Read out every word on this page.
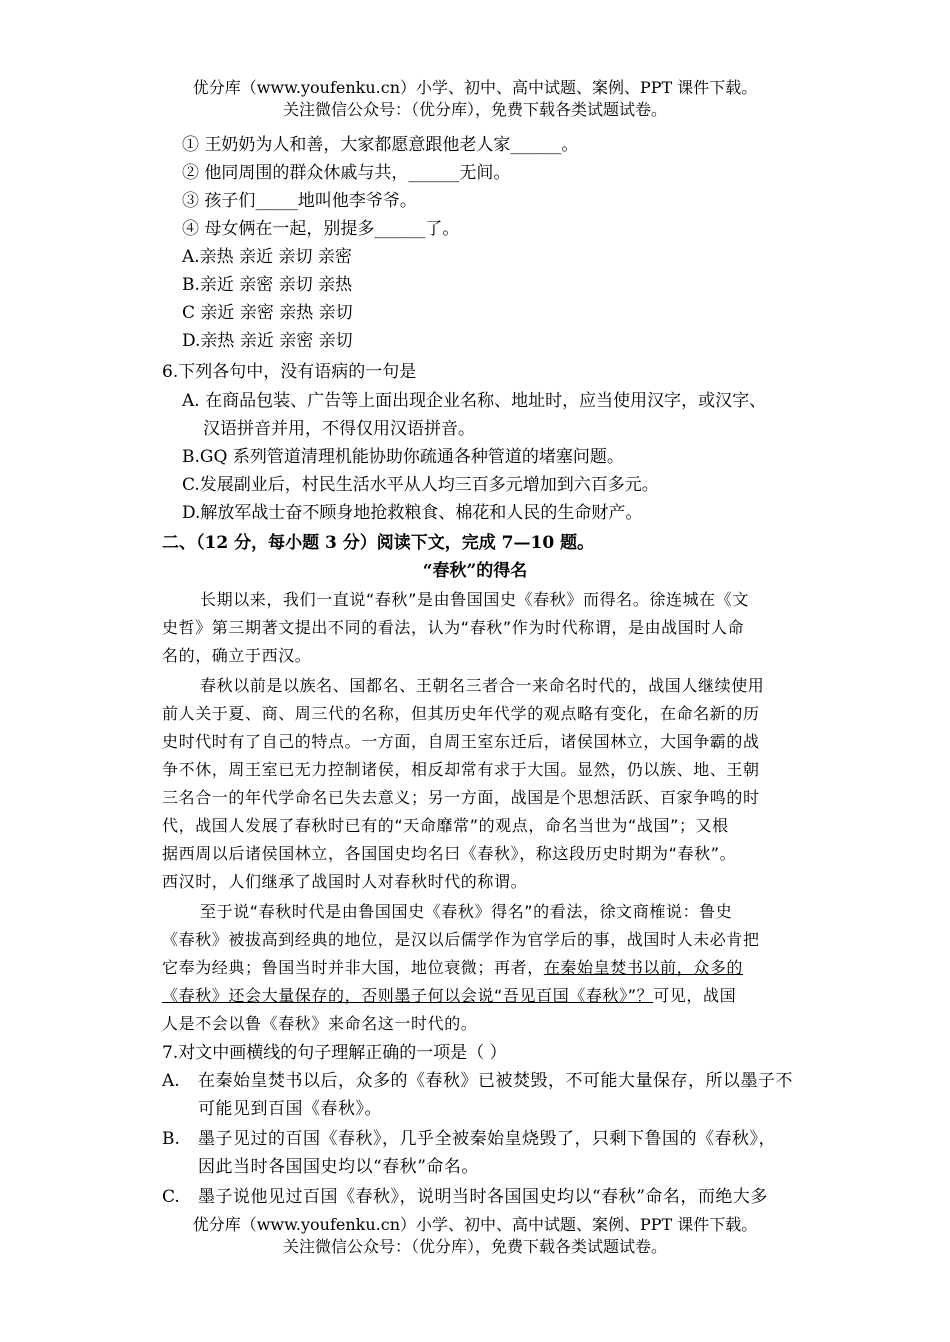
优分库（www.youfenku.cn）小学、初中、高中试题、案例、PPT 课件下载。
关注微信公众号：（优分库），免费下载各类试题试卷。
① 王奶奶为人和善，大家都愿意跟他老人家______。
② 他同周围的群众休戚与共，______无间。
③ 孩子们_____地叫他李爷爷。
④ 母女俩在一起，别提多______了。
A.亲热 亲近 亲切 亲密
B.亲近 亲密 亲切 亲热
C 亲近 亲密 亲热 亲切
D.亲热 亲近 亲密 亲切
6.下列各句中，没有语病的一句是
A. 在商品包装、广告等上面出现企业名称、地址时，应当使用汉字，或汉字、
汉语拼音并用，不得仅用汉语拼音。
B.GQ 系列管道清理机能协助你疏通各种管道的堵塞问题。
C.发展副业后，村民生活水平从人均三百多元增加到六百多元。
D.解放军战士奋不顾身地抢救粮食、棉花和人民的生命财产。
二、（12 分，每小题 3 分）阅读下文，完成 7—10 题。
“春秋”的得名
长期以来，我们一直说“春秋”是由鲁国国史《春秋》而得名。徐连城在《文
史哲》第三期著文提出不同的看法，认为“春秋”作为时代称谓，是由战国时人命
名的，确立于西汉。
春秋以前是以族名、国都名、王朝名三者合一来命名时代的，战国人继续使用
前人关于夏、商、周三代的名称，但其历史年代学的观点略有变化，在命名新的历
史时代时有了自己的特点。一方面，自周王室东迁后，诸侯国林立，大国争霸的战
争不休，周王室已无力控制诸侯，相反却常有求于大国。显然，仍以族、地、王朝
三名合一的年代学命名已失去意义；另一方面，战国是个思想活跃、百家争鸣的时
代，战国人发展了春秋时已有的“天命靡常”的观点，命名当世为“战国”；又根
据西周以后诸侯国林立，各国国史均名曰《春秋》，称这段历史时期为“春秋”。
西汉时，人们继承了战国时人对春秋时代的称谓。
至于说“春秋时代是由鲁国国史《春秋》得名”的看法，徐文商榷说：鲁史
《春秋》被拔高到经典的地位，是汉以后儒学作为官学后的事，战国时人未必肯把
它奉为经典；鲁国当时并非大国，地位衰微；再者，在秦始皇焚书以前，众多的
《春秋》还会大量保存的，否则墨子何以会说“吾见百国《春秋》”？可见，战国
人是不会以鲁《春秋》来命名这一时代的。
7.对文中画横线的句子理解正确的一项是（ ）
A. 在秦始皇焚书以后，众多的《春秋》已被焚毁，不可能大量保存，所以墨子不
可能见到百国《春秋》。
B. 墨子见过的百国《春秋》，几乎全被秦始皇烧毁了，只剩下鲁国的《春秋》，
因此当时各国国史均以“春秋”命名。
C. 墨子说他见过百国《春秋》，说明当时各国国史均以“春秋”命名，而绝大多
优分库（www.youfenku.cn）小学、初中、高中试题、案例、PPT 课件下载。
关注微信公众号：（优分库），免费下载各类试题试卷。
